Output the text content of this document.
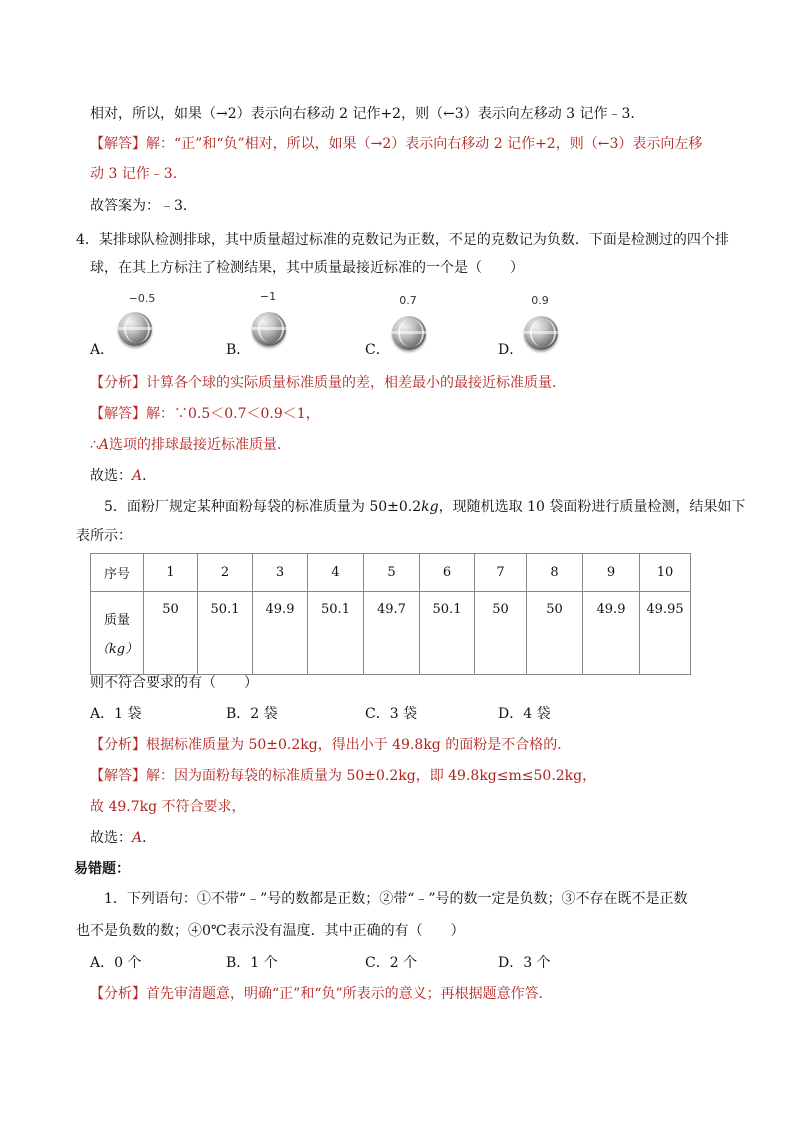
相对，所以，如果（→2）表示向右移动 2 记作+2，则（←3）表示向左移动 3 记作﹣3．
【解答】解：“正”和“负”相对，所以，如果（→2）表示向右移动 2 记作+2，则（←3）表示向左移
动 3 记作﹣3．
故答案为：﹣3．
4．某排球队检测排球，其中质量超过标准的克数记为正数，不足的克数记为负数．下面是检测过的四个排
球，在其上方标注了检测结果，其中质量最接近标准的一个是（　　）
−0.5	−1	0.7	0.9
A．	B．	C．	D．
【分析】计算各个球的实际质量标准质量的差，相差最小的最接近标准质量．
【解答】解：∵0.5＜0.7＜0.9＜1，
∴A选项的排球最接近标准质量．
故选：A．
5．面粉厂规定某种面粉每袋的标准质量为 50±0.2kg，现随机选取 10 袋面粉进行质量检测，结果如下
表所示：
序号	1	2	3	4	5	6	7	8	9	10

质量
（kg）	50	50.1	49.9	50.1	49.7	50.1	50	50	49.9	49.95
则不符合要求的有（　　）
A．1 袋	B．2 袋	C．3 袋	D．4 袋
【分析】根据标准质量为 50±0.2kg，得出小于 49.8kg 的面粉是不合格的．
【解答】解：因为面粉每袋的标准质量为 50±0.2kg，即 49.8kg≤m≤50.2kg，
故 49.7kg 不符合要求，
故选：A．
易错题：
1．下列语句：①不带“﹣”号的数都是正数；②带“﹣”号的数一定是负数；③不存在既不是正数
也不是负数的数；④0℃表示没有温度．其中正确的有（　　）
A．0 个	B．1 个	C．2 个	D．3 个
【分析】首先审清题意，明确“正”和“负”所表示的意义；再根据题意作答．
